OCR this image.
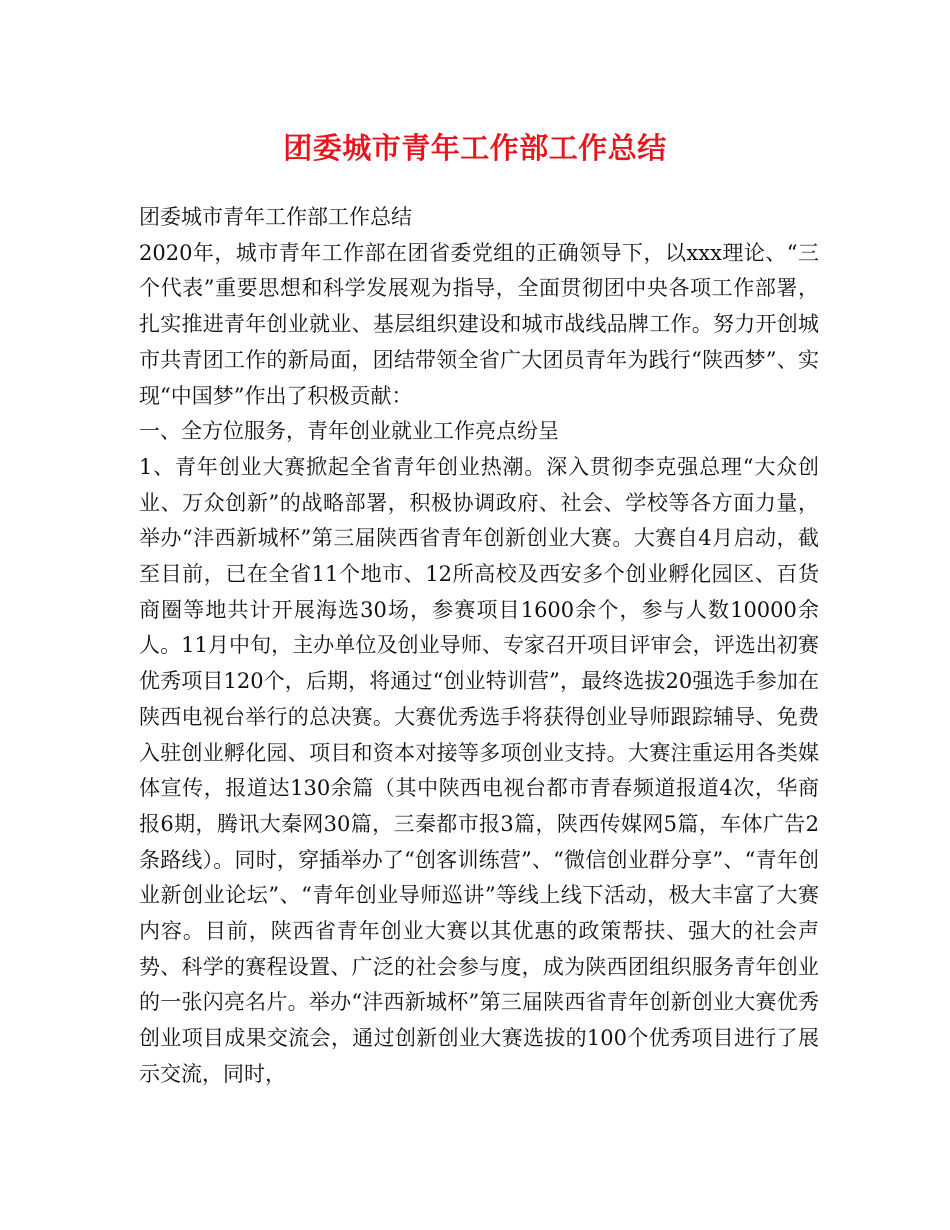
团委城市青年工作部工作总结

团委城市青年工作部工作总结

2020年，城市青年工作部在团省委党组的正确领导下，以xxx理论、“三个代表”重要思想和科学发展观为指导，全面贯彻团中央各项工作部署，扎实推进青年创业就业、基层组织建设和城市战线品牌工作。努力开创城市共青团工作的新局面，团结带领全省广大团员青年为践行“陕西梦”、实现“中国梦”作出了积极贡献：

一、全方位服务，青年创业就业工作亮点纷呈

1、青年创业大赛掀起全省青年创业热潮。深入贯彻李克强总理“大众创业、万众创新”的战略部署，积极协调政府、社会、学校等各方面力量，举办“沣西新城杯”第三届陕西省青年创新创业大赛。大赛自4月启动，截至目前，已在全省11个地市、12所高校及西安多个创业孵化园区、百货商圈等地共计开展海选30场，参赛项目1600余个，参与人数10000余人。11月中旬，主办单位及创业导师、专家召开项目评审会，评选出初赛优秀项目120个，后期，将通过“创业特训营”，最终选拔20强选手参加在陕西电视台举行的总决赛。大赛优秀选手将获得创业导师跟踪辅导、免费入驻创业孵化园、项目和资本对接等多项创业支持。大赛注重运用各类媒体宣传，报道达130余篇（其中陕西电视台都市青春频道报道4次，华商报6期，腾讯大秦网30篇，三秦都市报3篇，陕西传媒网5篇，车体广告2条路线）。同时，穿插举办了“创客训练营”、“微信创业群分享”、“青年创业新创业论坛”、“青年创业导师巡讲”等线上线下活动，极大丰富了大赛内容。目前，陕西省青年创业大赛以其优惠的政策帮扶、强大的社会声势、科学的赛程设置、广泛的社会参与度，成为陕西团组织服务青年创业的一张闪亮名片。举办“沣西新城杯”第三届陕西省青年创新创业大赛优秀创业项目成果交流会，通过创新创业大赛选拔的100个优秀项目进行了展示交流，同时，
